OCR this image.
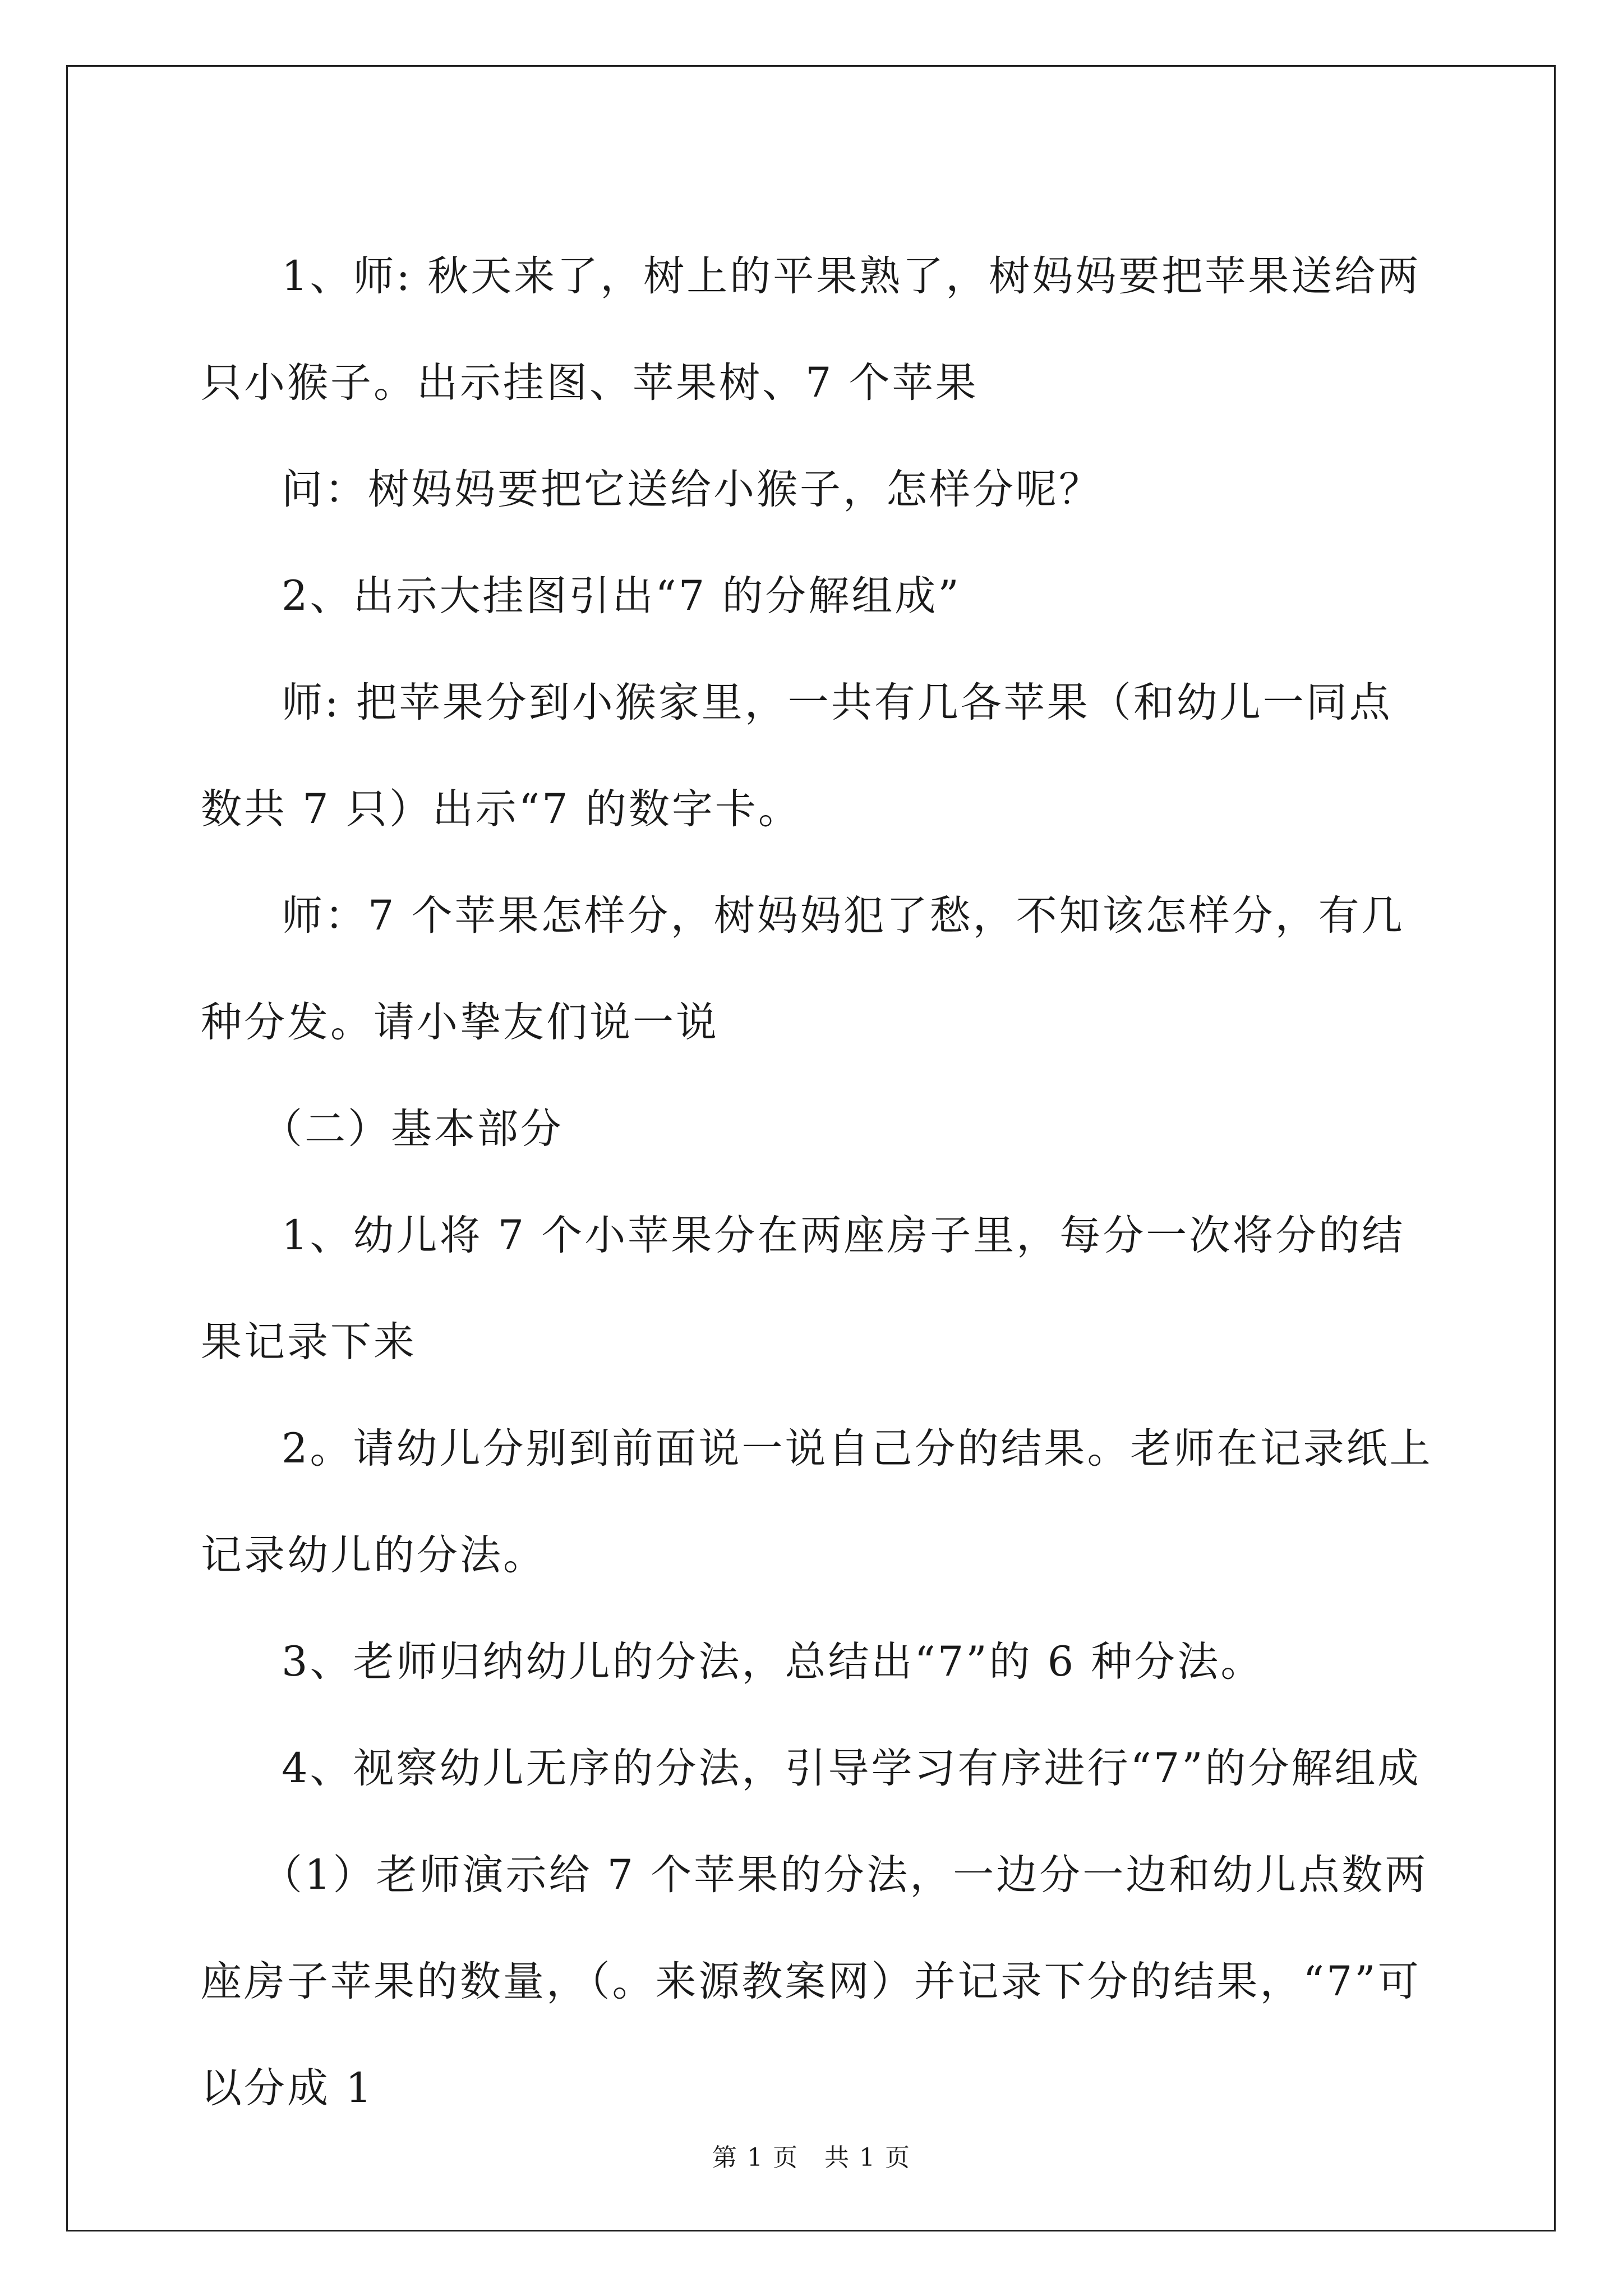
1、师: 秋天来了，树上的平果熟了，树妈妈要把苹果送给两只小猴子。出示挂图、苹果树、7 个苹果

问：树妈妈要把它送给小猴子，怎样分呢？

2、出示大挂图引出“7 的分解组成”

师: 把苹果分到小猴家里，一共有几各苹果（和幼儿一同点数共 7 只）出示“7 的数字卡。

师：7 个苹果怎样分，树妈妈犯了愁，不知该怎样分，有几种分发。请小挚友们说一说

（二）基本部分

1、幼儿将 7 个小苹果分在两座房子里，每分一次将分的结果记录下来

2。请幼儿分别到前面说一说自己分的结果。老师在记录纸上记录幼儿的分法。

3、老师归纳幼儿的分法，总结出“7”的 6 种分法。

4、视察幼儿无序的分法，引导学习有序进行“7”的分解组成

（1）老师演示给 7 个苹果的分法，一边分一边和幼儿点数两座房子苹果的数量，（。来源教案网）并记录下分的结果，“7”可以分成 1

第 1 页　共 1 页
